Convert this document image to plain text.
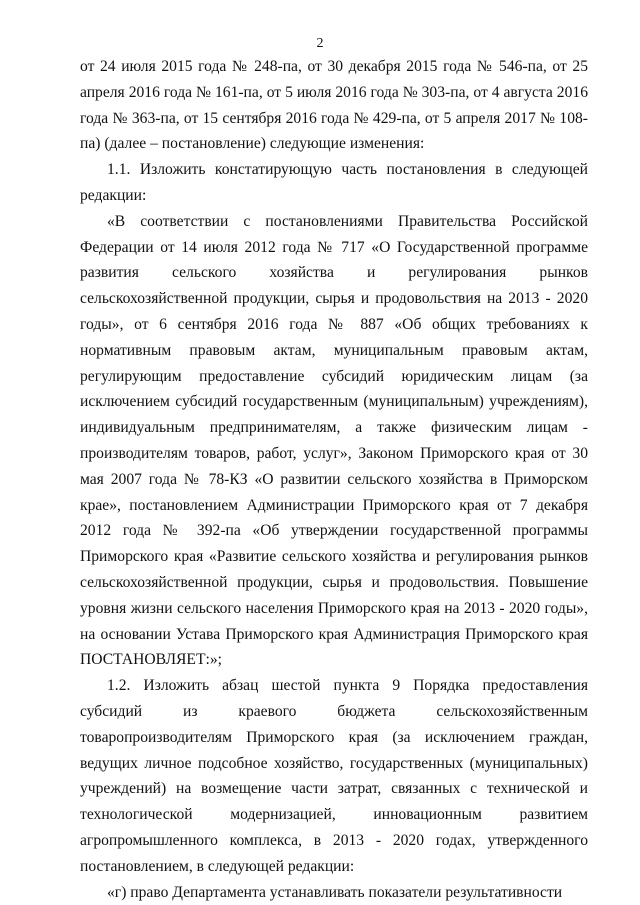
2

от 24 июля 2015 года № 248-па, от 30 декабря 2015 года № 546-па, от 25 апреля 2016 года № 161-па, от 5 июля 2016 года № 303-па, от 4 августа 2016 года № 363-па, от 15 сентября 2016 года № 429-па, от 5 апреля 2017 № 108-па) (далее – постановление) следующие изменения:

1.1. Изложить констатирующую часть постановления в следующей редакции:

«В соответствии с постановлениями Правительства Российской Федерации от 14 июля 2012 года № 717 «О Государственной программе развития сельского хозяйства и регулирования рынков сельскохозяйственной продукции, сырья и продовольствия на 2013 - 2020 годы», от 6 сентября 2016 года № 887 «Об общих требованиях к нормативным правовым актам, муниципальным правовым актам, регулирующим предоставление субсидий юридическим лицам (за исключением субсидий государственным (муниципальным) учреждениям), индивидуальным предпринимателям, а также физическим лицам - производителям товаров, работ, услуг», Законом Приморского края от 30 мая 2007 года № 78-КЗ «О развитии сельского хозяйства в Приморском крае», постановлением Администрации Приморского края от 7 декабря 2012 года № 392-па «Об утверждении государственной программы Приморского края «Развитие сельского хозяйства и регулирования рынков сельскохозяйственной продукции, сырья и продовольствия. Повышение уровня жизни сельского населения Приморского края на 2013 - 2020 годы», на основании Устава Приморского края Администрация Приморского края ПОСТАНОВЛЯЕТ:»;

1.2. Изложить абзац шестой пункта 9 Порядка предоставления субсидий из краевого бюджета сельскохозяйственным товаропроизводителям Приморского края (за исключением граждан, ведущих личное подсобное хозяйство, государственных (муниципальных) учреждений) на возмещение части затрат, связанных с технической и технологической модернизацией, инновационным развитием агропромышленного комплекса, в 2013 - 2020 годах, утвержденного постановлением, в следующей редакции:

«г) право Департамента устанавливать показатели результативности
